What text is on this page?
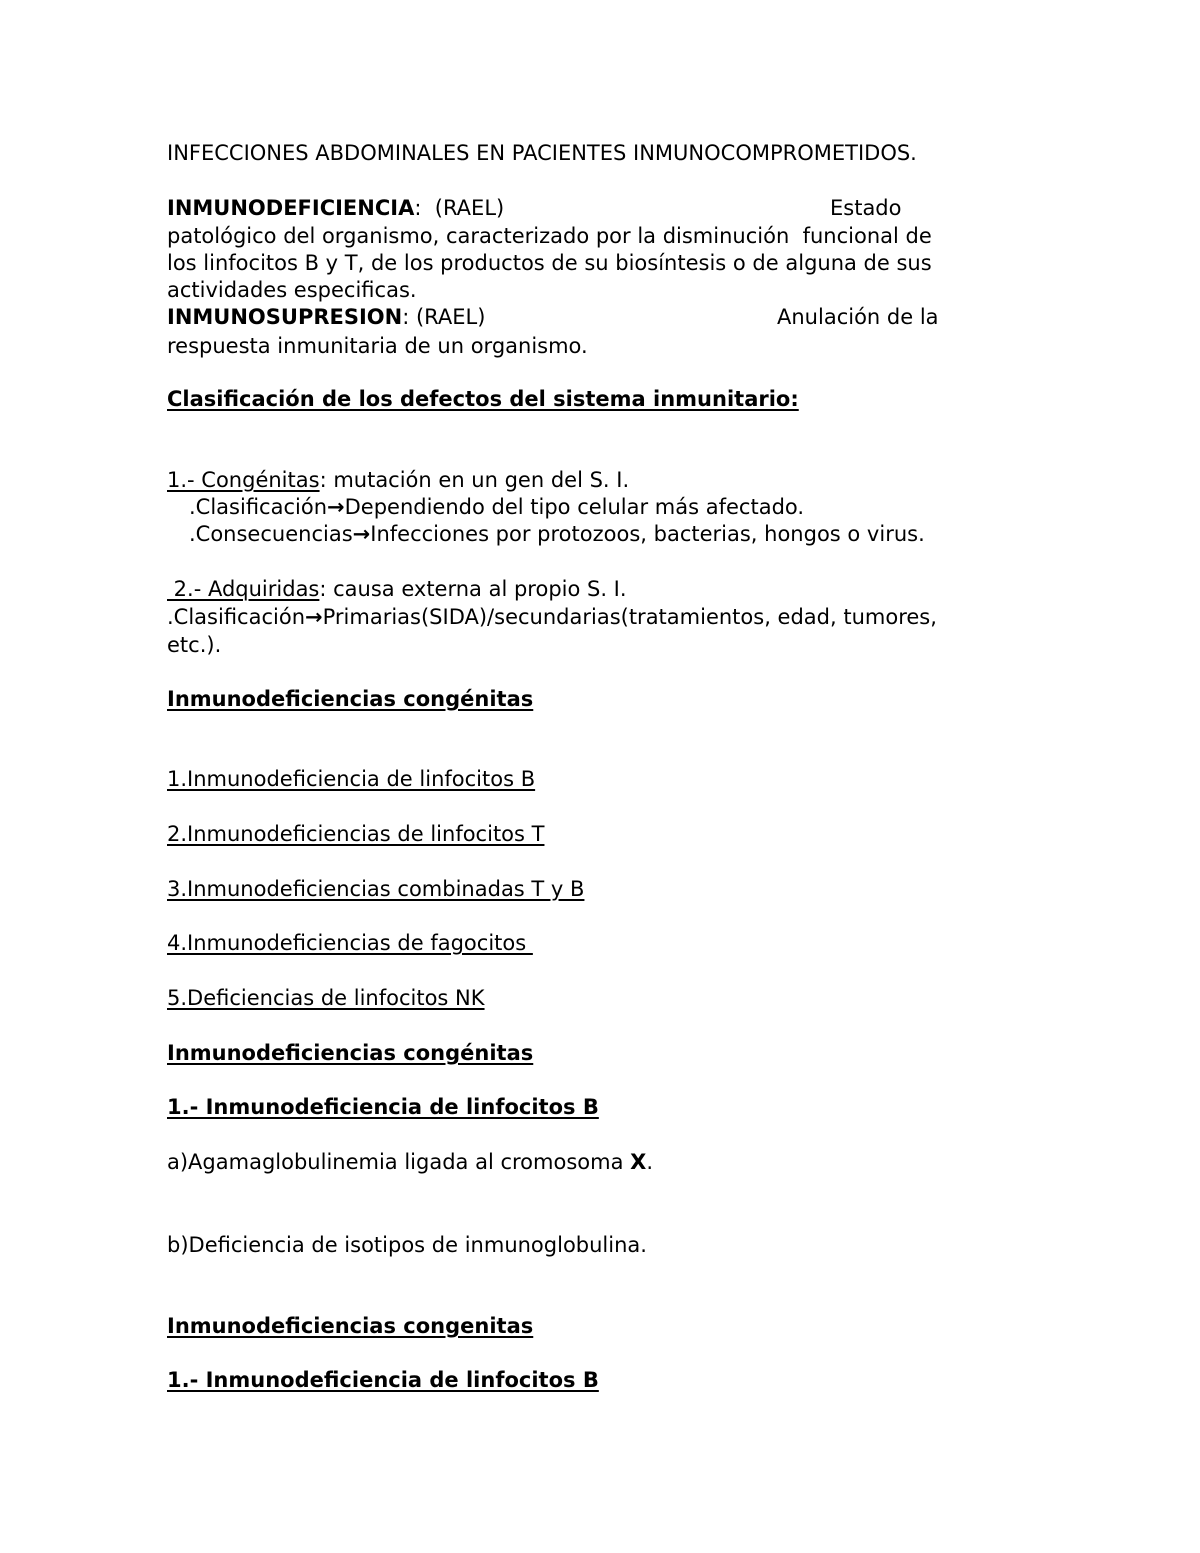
INFECCIONES ABDOMINALES EN PACIENTES INMUNOCOMPROMETIDOS.
INMUNODEFICIENCIA:  (RAEL)	Estado
patológico del organismo, caracterizado por la disminución  funcional de
los linfocitos B y T, de los productos de su biosíntesis o de alguna de sus
actividades especificas.
INMUNOSUPRESION: (RAEL)	Anulación de la
respuesta inmunitaria de un organismo.
Clasificación de los defectos del sistema inmunitario:
1.- Congénitas: mutación en un gen del S. I.
.Clasificación→Dependiendo del tipo celular más afectado.
.Consecuencias→Infecciones por protozoos, bacterias, hongos o virus.
2.- Adquiridas: causa externa al propio S. I.
.Clasificación→Primarias(SIDA)/secundarias(tratamientos, edad, tumores,
etc.).
Inmunodeficiencias congénitas
1.Inmunodeficiencia de linfocitos B
2.Inmunodeficiencias de linfocitos T
3.Inmunodeficiencias combinadas T y B
4.Inmunodeficiencias de fagocitos
5.Deficiencias de linfocitos NK
Inmunodeficiencias congénitas
1.- Inmunodeficiencia de linfocitos B
a)Agamaglobulinemia ligada al cromosoma X.
b)Deficiencia de isotipos de inmunoglobulina.
Inmunodeficiencias congenitas
1.- Inmunodeficiencia de linfocitos B
